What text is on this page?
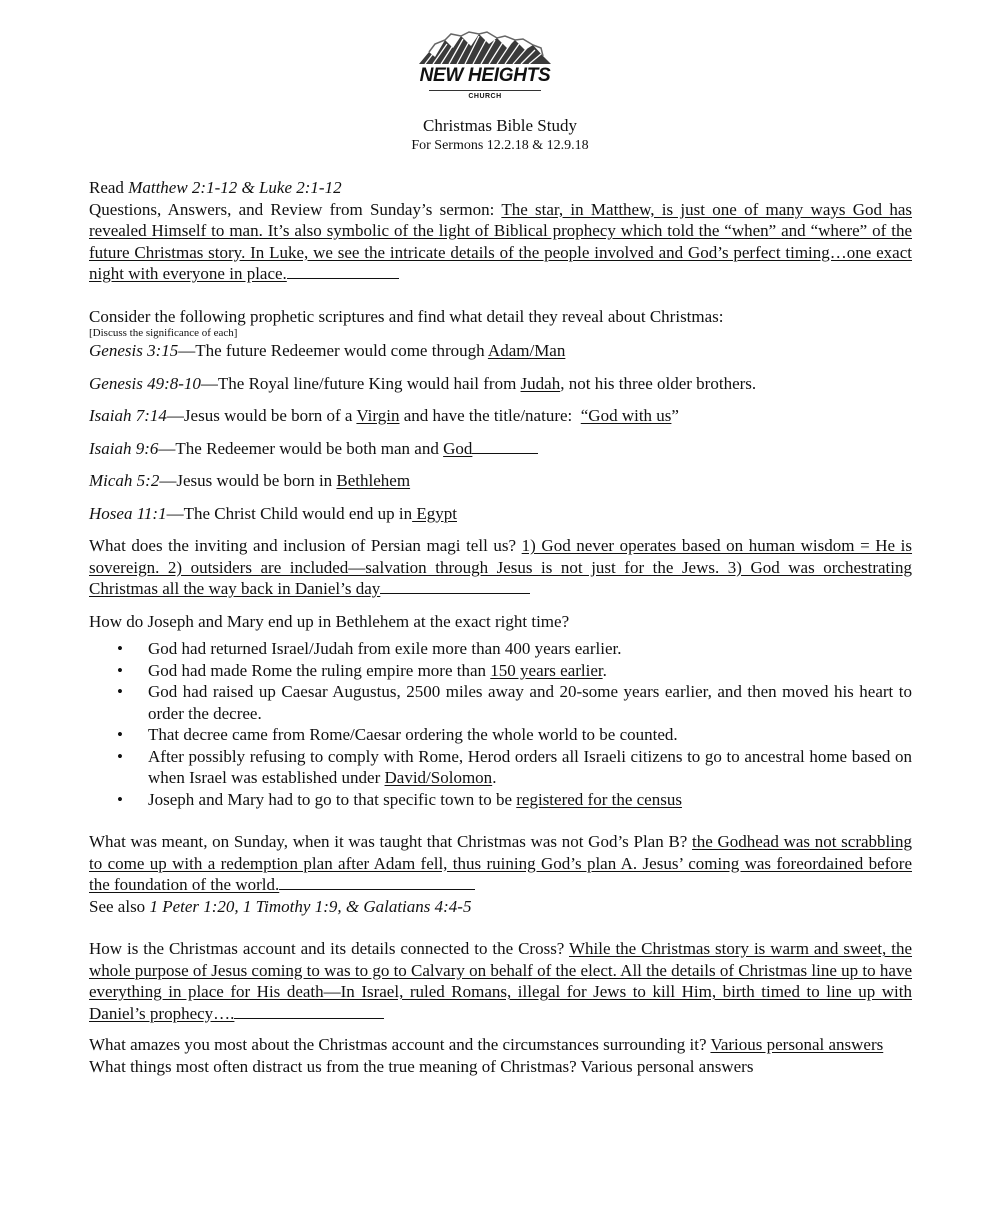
NEW HEIGHTS
CHURCH
Christmas Bible Study
For Sermons 12.2.18 & 12.9.18

Read Matthew 2:1-12 & Luke 2:1-12

Questions, Answers, and Review from Sunday’s sermon: The star, in Matthew, is just one of many ways God has revealed Himself to man. It’s also symbolic of the light of Biblical prophecy which told the “when” and “where” of the future Christmas story. In Luke, we see the intricate details of the people involved and God’s perfect timing…one exact night with everyone in place.

Consider the following prophetic scriptures and find what detail they reveal about Christmas:

[Discuss the significance of each]

Genesis 3:15—The future Redeemer would come through Adam/Man

Genesis 49:8-10—The Royal line/future King would hail from Judah, not his three older brothers.

Isaiah 7:14—Jesus would be born of a Virgin and have the title/nature:  “God with us”

Isaiah 9:6—The Redeemer would be both man and God

Micah 5:2—Jesus would be born in Bethlehem

Hosea 11:1—The Christ Child would end up in Egypt

What does the inviting and inclusion of Persian magi tell us? 1) God never operates based on human wisdom = He is sovereign. 2) outsiders are included—salvation through Jesus is not just for the Jews. 3) God was orchestrating Christmas all the way back in Daniel’s day

How do Joseph and Mary end up in Bethlehem at the exact right time?

• God had returned Israel/Judah from exile more than 400 years earlier.
• God had made Rome the ruling empire more than 150 years earlier.
• God had raised up Caesar Augustus, 2500 miles away and 20-some years earlier, and then moved his heart to order the decree.
• That decree came from Rome/Caesar ordering the whole world to be counted.
• After possibly refusing to comply with Rome, Herod orders all Israeli citizens to go to ancestral home based on when Israel was established under David/Solomon.
• Joseph and Mary had to go to that specific town to be registered for the census

What was meant, on Sunday, when it was taught that Christmas was not God’s Plan B? the Godhead was not scrabbling to come up with a redemption plan after Adam fell, thus ruining God’s plan A. Jesus’ coming was foreordained before the foundation of the world.

See also 1 Peter 1:20, 1 Timothy 1:9, & Galatians 4:4-5

How is the Christmas account and its details connected to the Cross? While the Christmas story is warm and sweet, the whole purpose of Jesus coming to was to go to Calvary on behalf of the elect. All the details of Christmas line up to have everything in place for His death—In Israel, ruled Romans, illegal for Jews to kill Him, birth timed to line up with Daniel’s prophecy….

What amazes you most about the Christmas account and the circumstances surrounding it? Various personal answers

What things most often distract us from the true meaning of Christmas? Various personal answers
